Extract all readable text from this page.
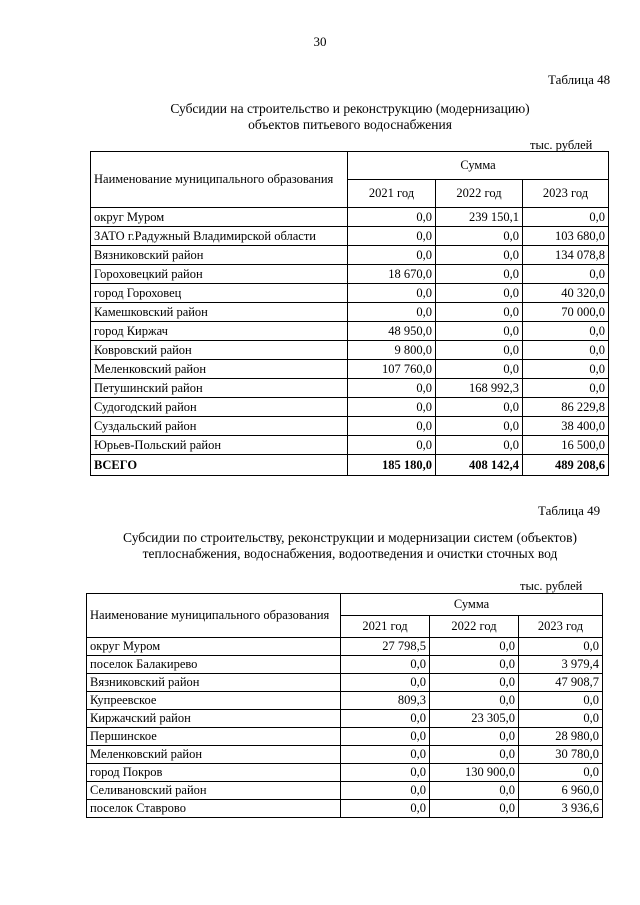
30
Таблица 48
Субсидии на строительство и реконструкцию (модернизацию)
объектов питьевого водоснабжения
тыс. рублей
Наименование муниципального образования	Сумма		
	2021 год	2022 год	2023 год
округ Муром	0,0	239 150,1	0,0
ЗАТО г.Радужный Владимирской области	0,0	0,0	103 680,0
Вязниковский район	0,0	0,0	134 078,8
Гороховецкий район	18 670,0	0,0	0,0
город Гороховец	0,0	0,0	40 320,0
Камешковский район	0,0	0,0	70 000,0
город Киржач	48 950,0	0,0	0,0
Ковровский район	9 800,0	0,0	0,0
Меленковский район	107 760,0	0,0	0,0
Петушинский район	0,0	168 992,3	0,0
Судогодский район	0,0	0,0	86 229,8
Суздальский район	0,0	0,0	38 400,0
Юрьев-Польский район	0,0	0,0	16 500,0
ВСЕГО	185 180,0	408 142,4	489 208,6
Таблица 49
Субсидии по строительству, реконструкции и модернизации систем (объектов)
теплоснабжения, водоснабжения, водоотведения и очистки сточных вод
тыс. рублей
Наименование муниципального образования	Сумма		
	2021 год	2022 год	2023 год
округ Муром	27 798,5	0,0	0,0
поселок Балакирево	0,0	0,0	3 979,4
Вязниковский район	0,0	0,0	47 908,7
Купреевское	809,3	0,0	0,0
Киржачский район	0,0	23 305,0	0,0
Першинское	0,0	0,0	28 980,0
Меленковский район	0,0	0,0	30 780,0
город Покров	0,0	130 900,0	0,0
Селивановский район	0,0	0,0	6 960,0
поселок Ставрово	0,0	0,0	3 936,6
